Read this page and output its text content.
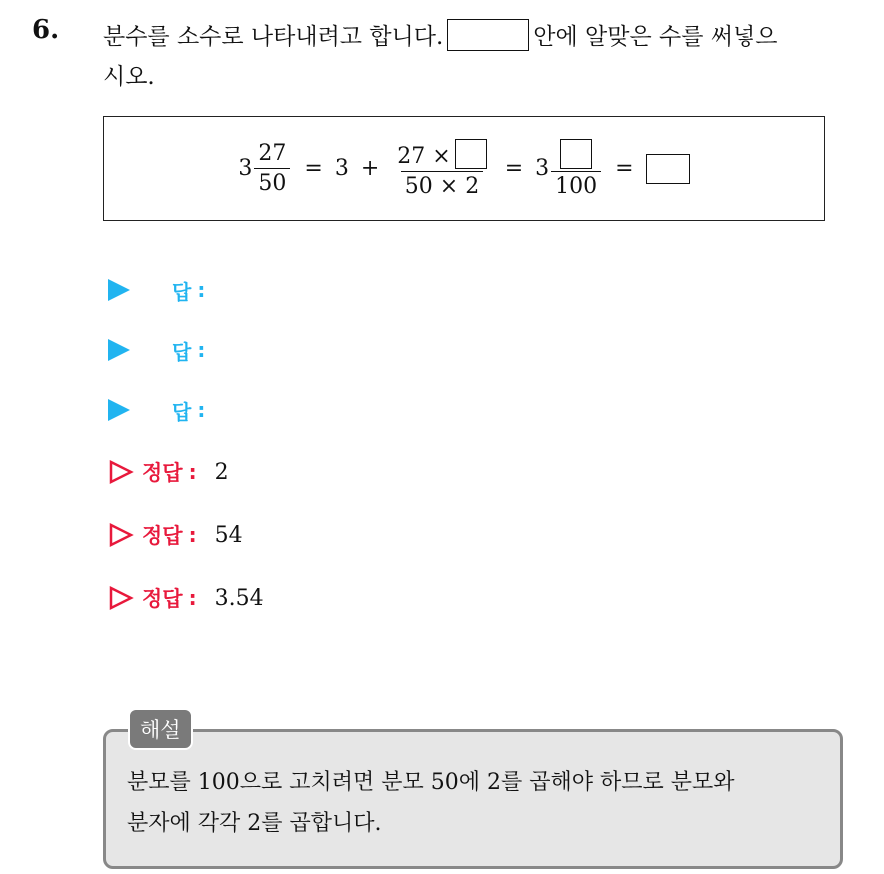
6. 분수를 소수로 나타내려고 합니다.	안에 알맞은 수를 써넣으
시오.
$3 \frac{27}{50} = 3 + \frac{27 \times}{50 \times 2} = 3$
100
=
답 :
답 :
답 :
정답 : 2
정답 : 54
정답 : 3.54
해설
분모를 100으로 고치려면 분모 50에 2를 곱해야 하므로 분모와
분자에 각각 2를 곱합니다.
